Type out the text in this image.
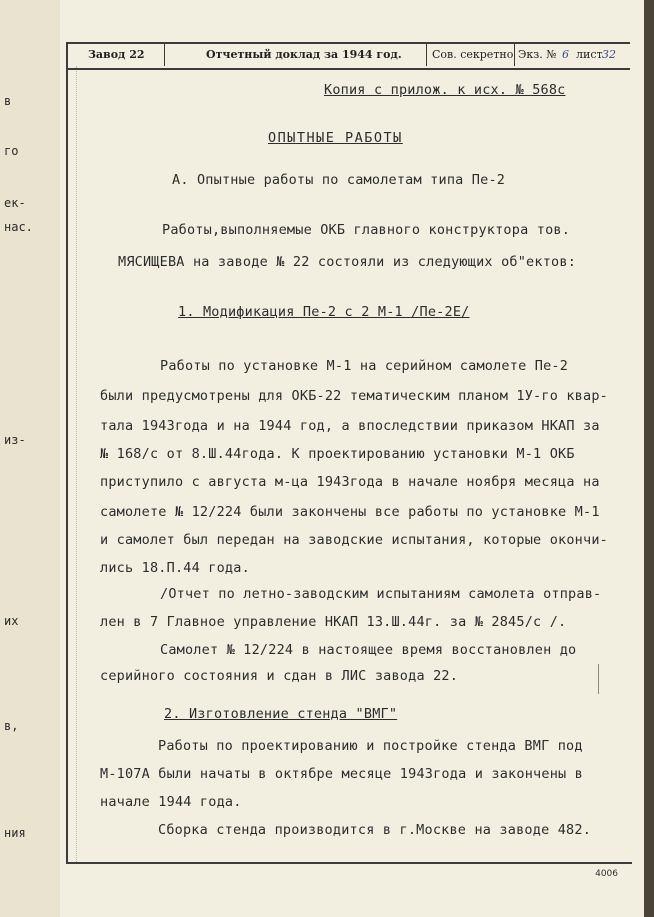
в
го
ек-
нас.
из-
их
в,
ния
Завод 22	Отчетный доклад за 1944 год.	Сов. секретно Экз. № 6 лист 32
Копия с прилож. к исх. № 568с
ОПЫТНЫЕ РАБОТЫ
А. Опытные работы по самолетам типа Пе-2
Работы,выполняемые ОКБ главного конструктора тов.
МЯСИЩЕВА на заводе № 22 состояли из следующих об"ектов:
1. Модификация Пе-2 с 2 М-1 /Пе-2Е/
Работы по установке М-1 на серийном самолете Пе-2
были предусмотрены для ОКБ-22 тематическим планом 1У-го квар-
тала 1943года и на 1944 год, а впоследствии приказом НКАП за
№ 168/с от 8.Ш.44года. К проектированию установки М-1 ОКБ
приступило с августа м-ца 1943года в начале ноября месяца на
самолете № 12/224 были закончены все работы по установке М-1
и самолет был передан на заводские испытания, которые окончи-
лись 18.П.44 года.
/Отчет по летно-заводским испытаниям самолета отправ-
лен в 7 Главное управление НКАП 13.Ш.44г. за № 2845/с /.
Самолет № 12/224 в настоящее время восстановлен до
серийного состояния и сдан в ЛИС завода 22.
2. Изготовление стенда "ВМГ"
Работы по проектированию и постройке стенда ВМГ под
М-107А были начаты в октябре месяце 1943года и закончены в
начале 1944 года.
Сборка стенда производится в г.Москве на заводе 482.
4006
